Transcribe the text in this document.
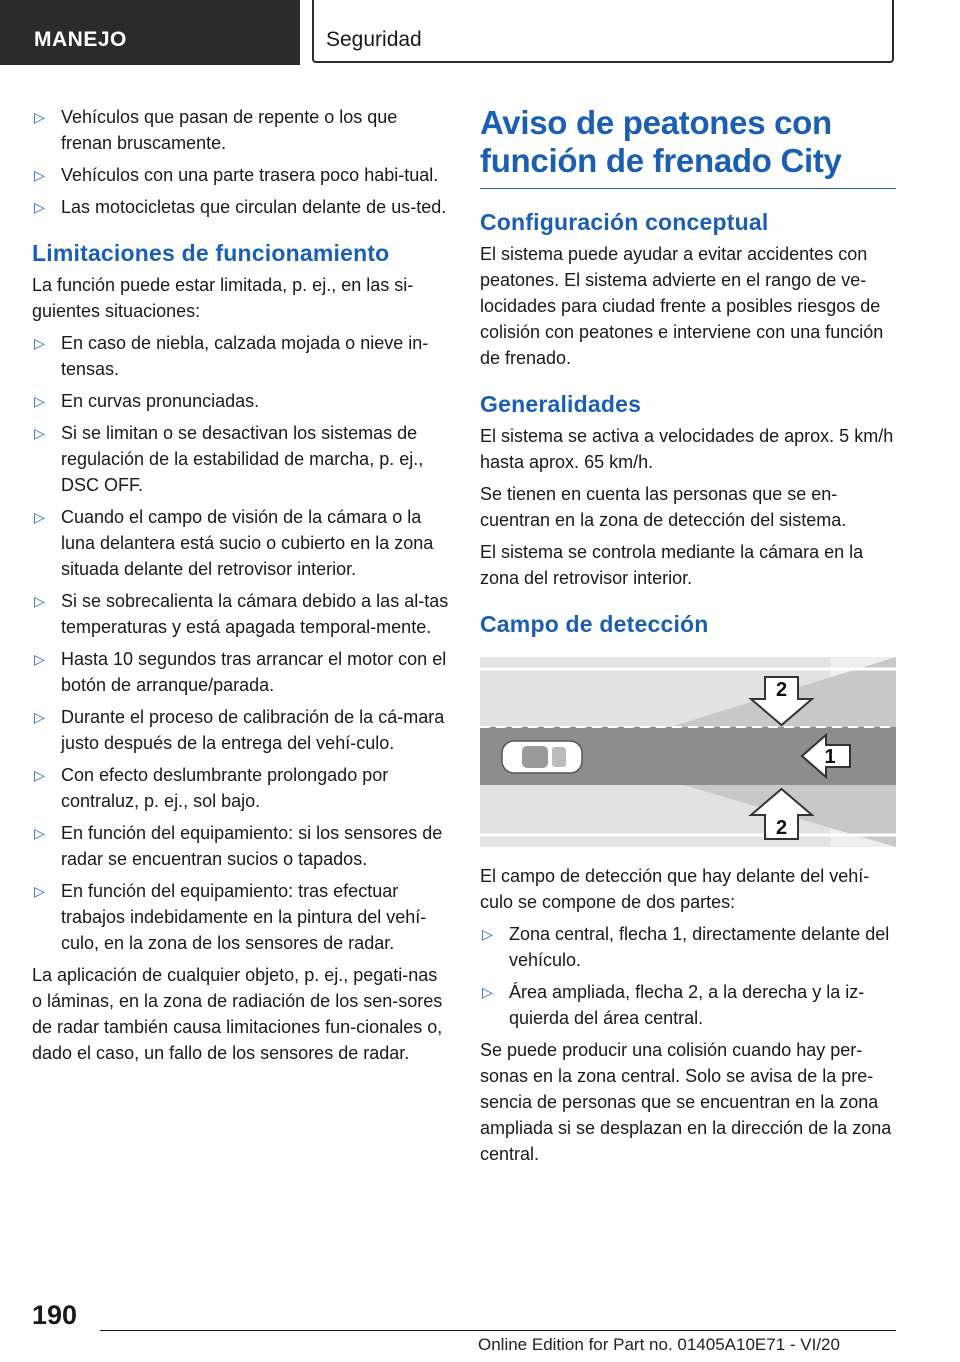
MANEJO	Seguridad
▷ Vehículos que pasan de repente o los que frenan bruscamente.
▷ Vehículos con una parte trasera poco habi-tual.
▷ Las motocicletas que circulan delante de us-ted.
Limitaciones de funcionamiento

La función puede estar limitada, p. ej., en las si-guientes situaciones:

▷ En caso de niebla, calzada mojada o nieve in-tensas.
▷ En curvas pronunciadas.
▷ Si se limitan o se desactivan los sistemas de regulación de la estabilidad de marcha, p. ej., DSC OFF.
▷ Cuando el campo de visión de la cámara o la luna delantera está sucio o cubierto en la zona situada delante del retrovisor interior.
▷ Si se sobrecalienta la cámara debido a las al-tas temperaturas y está apagada temporal-mente.
▷ Hasta 10 segundos tras arrancar el motor con el botón de arranque/parada.
▷ Durante el proceso de calibración de la cá-mara justo después de la entrega del vehí-culo.
▷ Con efecto deslumbrante prolongado por contraluz, p. ej., sol bajo.
▷ En función del equipamiento: si los sensores de radar se encuentran sucios o tapados.
▷ En función del equipamiento: tras efectuar trabajos indebidamente en la pintura del vehí-culo, en la zona de los sensores de radar.

La aplicación de cualquier objeto, p. ej., pegati-nas o láminas, en la zona de radiación de los sen-sores de radar también causa limitaciones fun-cionales o, dado el caso, un fallo de los sensores de radar.

Aviso de peatones con función de frenado City
Configuración conceptual

El sistema puede ayudar a evitar accidentes con peatones. El sistema advierte en el rango de ve-locidades para ciudad frente a posibles riesgos de colisión con peatones e interviene con una función de frenado.

Generalidades

El sistema se activa a velocidades de aprox. 5 km/h hasta aprox. 65 km/h.

Se tienen en cuenta las personas que se en-cuentran en la zona de detección del sistema.

El sistema se controla mediante la cámara en la zona del retrovisor interior.

Campo de detección
2
1
2

El campo de detección que hay delante del vehí-culo se compone de dos partes:

▷ Zona central, flecha 1, directamente delante del vehículo.
▷ Área ampliada, flecha 2, a la derecha y la iz-quierda del área central.

Se puede producir una colisión cuando hay per-sonas en la zona central. Solo se avisa de la pre-sencia de personas que se encuentran en la zona ampliada si se desplazan en la dirección de la zona central.

190
Online Edition for Part no. 01405A10E71 - VI/20
